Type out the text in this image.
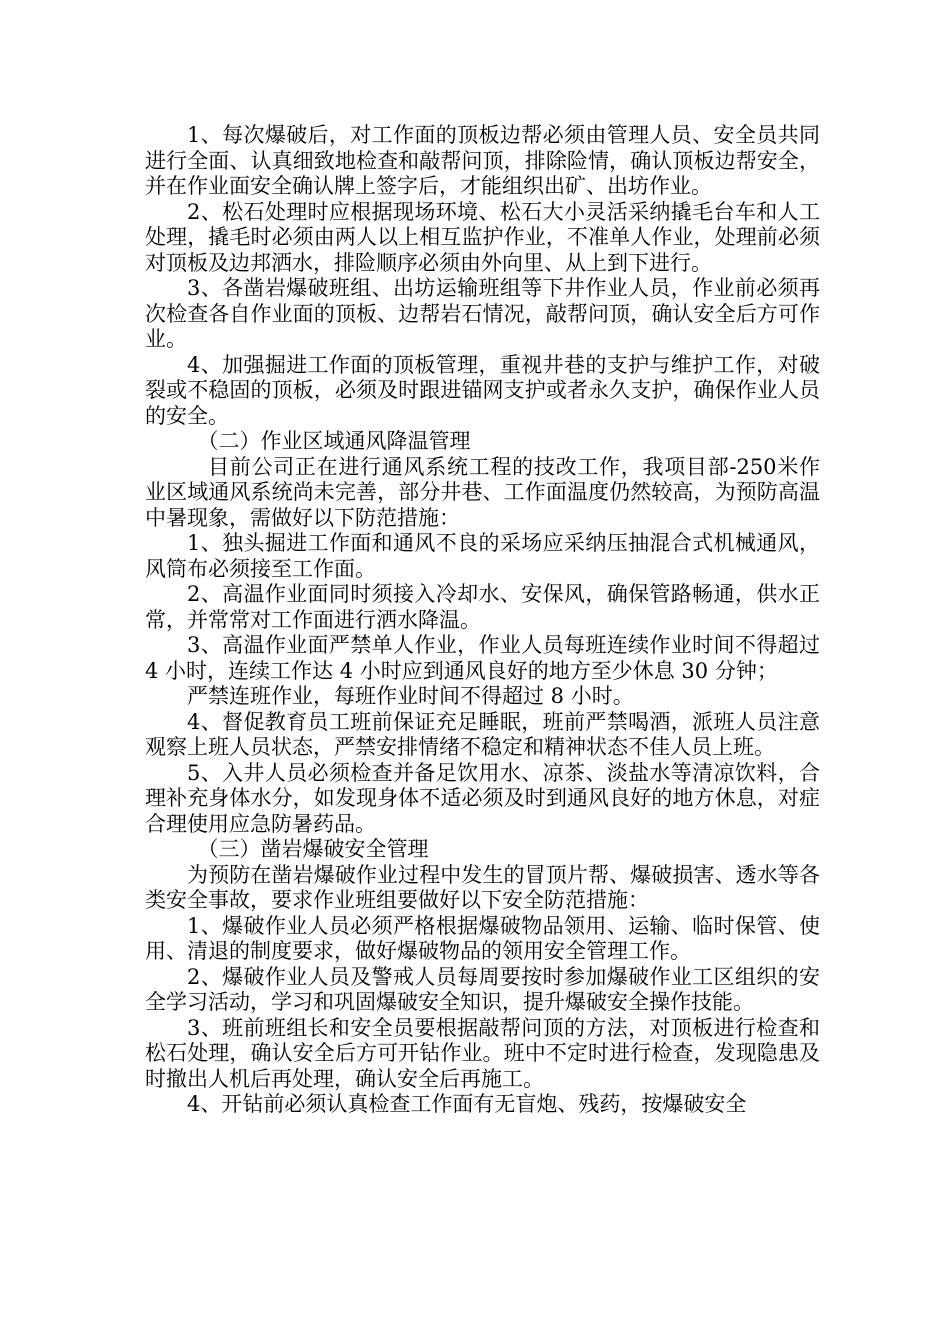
1、每次爆破后，对工作面的顶板边帮必须由管理人员、安全员共同进行全面、认真细致地检查和敲帮问顶，排除险情，确认顶板边帮安全，并在作业面安全确认牌上签字后，才能组织出矿、出坊作业。

2、松石处理时应根据现场环境、松石大小灵活采纳撬毛台车和人工处理，撬毛时必须由两人以上相互监护作业，不准单人作业，处理前必须对顶板及边邦洒水，排险顺序必须由外向里、从上到下进行。

3、各凿岩爆破班组、出坊运输班组等下井作业人员，作业前必须再次检查各自作业面的顶板、边帮岩石情况，敲帮问顶，确认安全后方可作业。

4、加强掘进工作面的顶板管理，重视井巷的支护与维护工作，对破裂或不稳固的顶板，必须及时跟进锚网支护或者永久支护，确保作业人员的安全。

（二）作业区域通风降温管理

目前公司正在进行通风系统工程的技改工作，我项目部-250米作业区域通风系统尚未完善，部分井巷、工作面温度仍然较高，为预防高温中暑现象，需做好以下防范措施：

1、独头掘进工作面和通风不良的采场应采纳压抽混合式机械通风，风筒布必须接至工作面。

2、高温作业面同时须接入冷却水、安保风，确保管路畅通，供水正常，并常常对工作面进行洒水降温。

3、高温作业面严禁单人作业，作业人员每班连续作业时间不得超过 4 小时，连续工作达 4 小时应到通风良好的地方至少休息 30 分钟；

严禁连班作业，每班作业时间不得超过 8 小时。

4、督促教育员工班前保证充足睡眠，班前严禁喝酒，派班人员注意观察上班人员状态，严禁安排情绪不稳定和精神状态不佳人员上班。

5、入井人员必须检查并备足饮用水、凉茶、淡盐水等清凉饮料，合理补充身体水分，如发现身体不适必须及时到通风良好的地方休息，对症合理使用应急防暑药品。

（三）凿岩爆破安全管理

为预防在凿岩爆破作业过程中发生的冒顶片帮、爆破损害、透水等各类安全事故，要求作业班组要做好以下安全防范措施：

1、爆破作业人员必须严格根据爆破物品领用、运输、临时保管、使用、清退的制度要求，做好爆破物品的领用安全管理工作。

2、爆破作业人员及警戒人员每周要按时参加爆破作业工区组织的安全学习活动，学习和巩固爆破安全知识，提升爆破安全操作技能。

3、班前班组长和安全员要根据敲帮问顶的方法，对顶板进行检查和松石处理，确认安全后方可开钻作业。班中不定时进行检查，发现隐患及时撤出人机后再处理，确认安全后再施工。

4、开钻前必须认真检查工作面有无盲炮、残药，按爆破安全
